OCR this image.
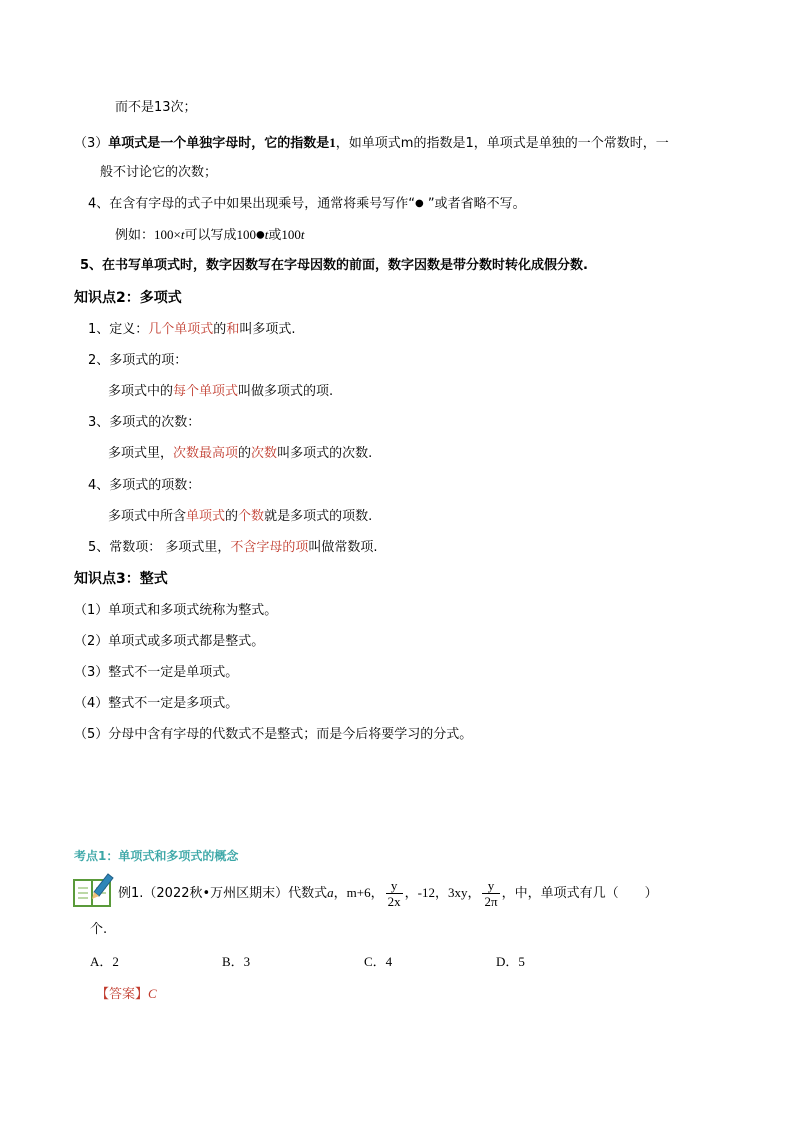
而不是13次；
（3）单项式是一个单独字母时，它的指数是1，如单项式m的指数是1，单项式是单独的一个常数时，一
般不讨论它的次数；
4、在含有字母的式子中如果出现乘号，通常将乘号写作“● ”或者省略不写。
例如：100×t可以写成100●t或100t
5、在书写单项式时，数字因数写在字母因数的前面，数字因数是带分数时转化成假分数.
知识点2：多项式
1、定义：几个单项式的和叫多项式.
2、多项式的项：
多项式中的每个单项式叫做多项式的项.
3、多项式的次数：
多项式里，次数最高项的次数叫多项式的次数.
4、多项式的项数：
多项式中所含单项式的个数就是多项式的项数.
5、常数项： 多项式里，不含字母的项叫做常数项.
知识点3：整式
（1）单项式和多项式统称为整式。
（2）单项式或多项式都是整式。
（3）整式不一定是单项式。
（4）整式不一定是多项式。
（5）分母中含有字母的代数式不是整式；而是今后将要学习的分式。
考点1：单项式和多项式的概念
例1.（2022秋•万州区期末）代数式a，m+6， $\frac{y}{2x}$ ，-12，3xy， $\frac{y}{2\pi}$ ，中，单项式有几（　　）
个.
A．2	B．3	C．4	D．5
【答案】C
